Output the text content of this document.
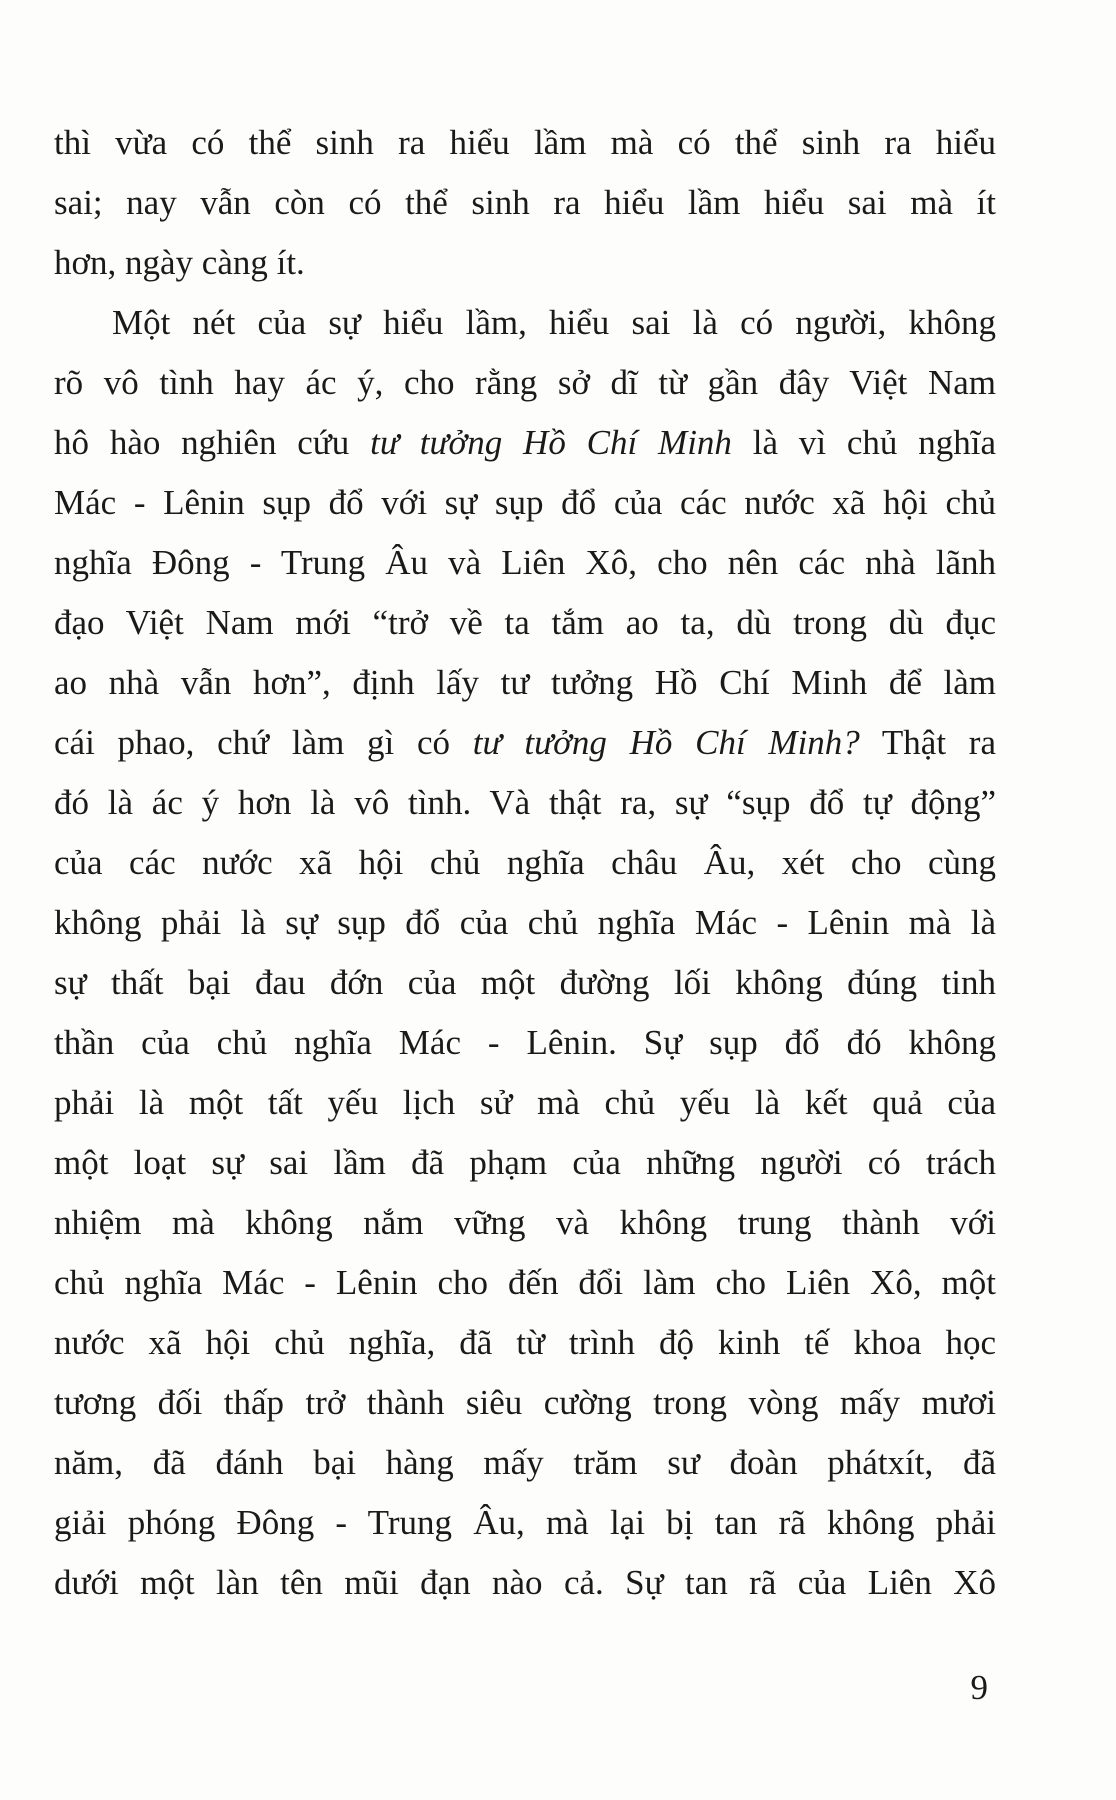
thì vừa có thể sinh ra hiểu lầm mà có thể sinh ra hiểu
sai; nay vẫn còn có thể sinh ra hiểu lầm hiểu sai mà ít
hơn, ngày càng ít.
Một nét của sự hiểu lầm, hiểu sai là có người, không
rõ vô tình hay ác ý, cho rằng sở dĩ từ gần đây Việt Nam
hô hào nghiên cứu tư tưởng Hồ Chí Minh là vì chủ nghĩa
Mác - Lênin sụp đổ với sự sụp đổ của các nước xã hội chủ
nghĩa Đông - Trung Âu và Liên Xô, cho nên các nhà lãnh
đạo Việt Nam mới “trở về ta tắm ao ta, dù trong dù đục
ao nhà vẫn hơn”, định lấy tư tưởng Hồ Chí Minh để làm
cái phao, chứ làm gì có tư tưởng Hồ Chí Minh? Thật ra
đó là ác ý hơn là vô tình. Và thật ra, sự “sụp đổ tự động”
của các nước xã hội chủ nghĩa châu Âu, xét cho cùng
không phải là sự sụp đổ của chủ nghĩa Mác - Lênin mà là
sự thất bại đau đớn của một đường lối không đúng tinh
thần của chủ nghĩa Mác - Lênin. Sự sụp đổ đó không
phải là một tất yếu lịch sử mà chủ yếu là kết quả của
một loạt sự sai lầm đã phạm của những người có trách
nhiệm mà không nắm vững và không trung thành với
chủ nghĩa Mác - Lênin cho đến đổi làm cho Liên Xô, một
nước xã hội chủ nghĩa, đã từ trình độ kinh tế khoa học
tương đối thấp trở thành siêu cường trong vòng mấy mươi
năm, đã đánh bại hàng mấy trăm sư đoàn phátxít, đã
giải phóng Đông - Trung Âu, mà lại bị tan rã không phải
dưới một làn tên mũi đạn nào cả. Sự tan rã của Liên Xô
9
